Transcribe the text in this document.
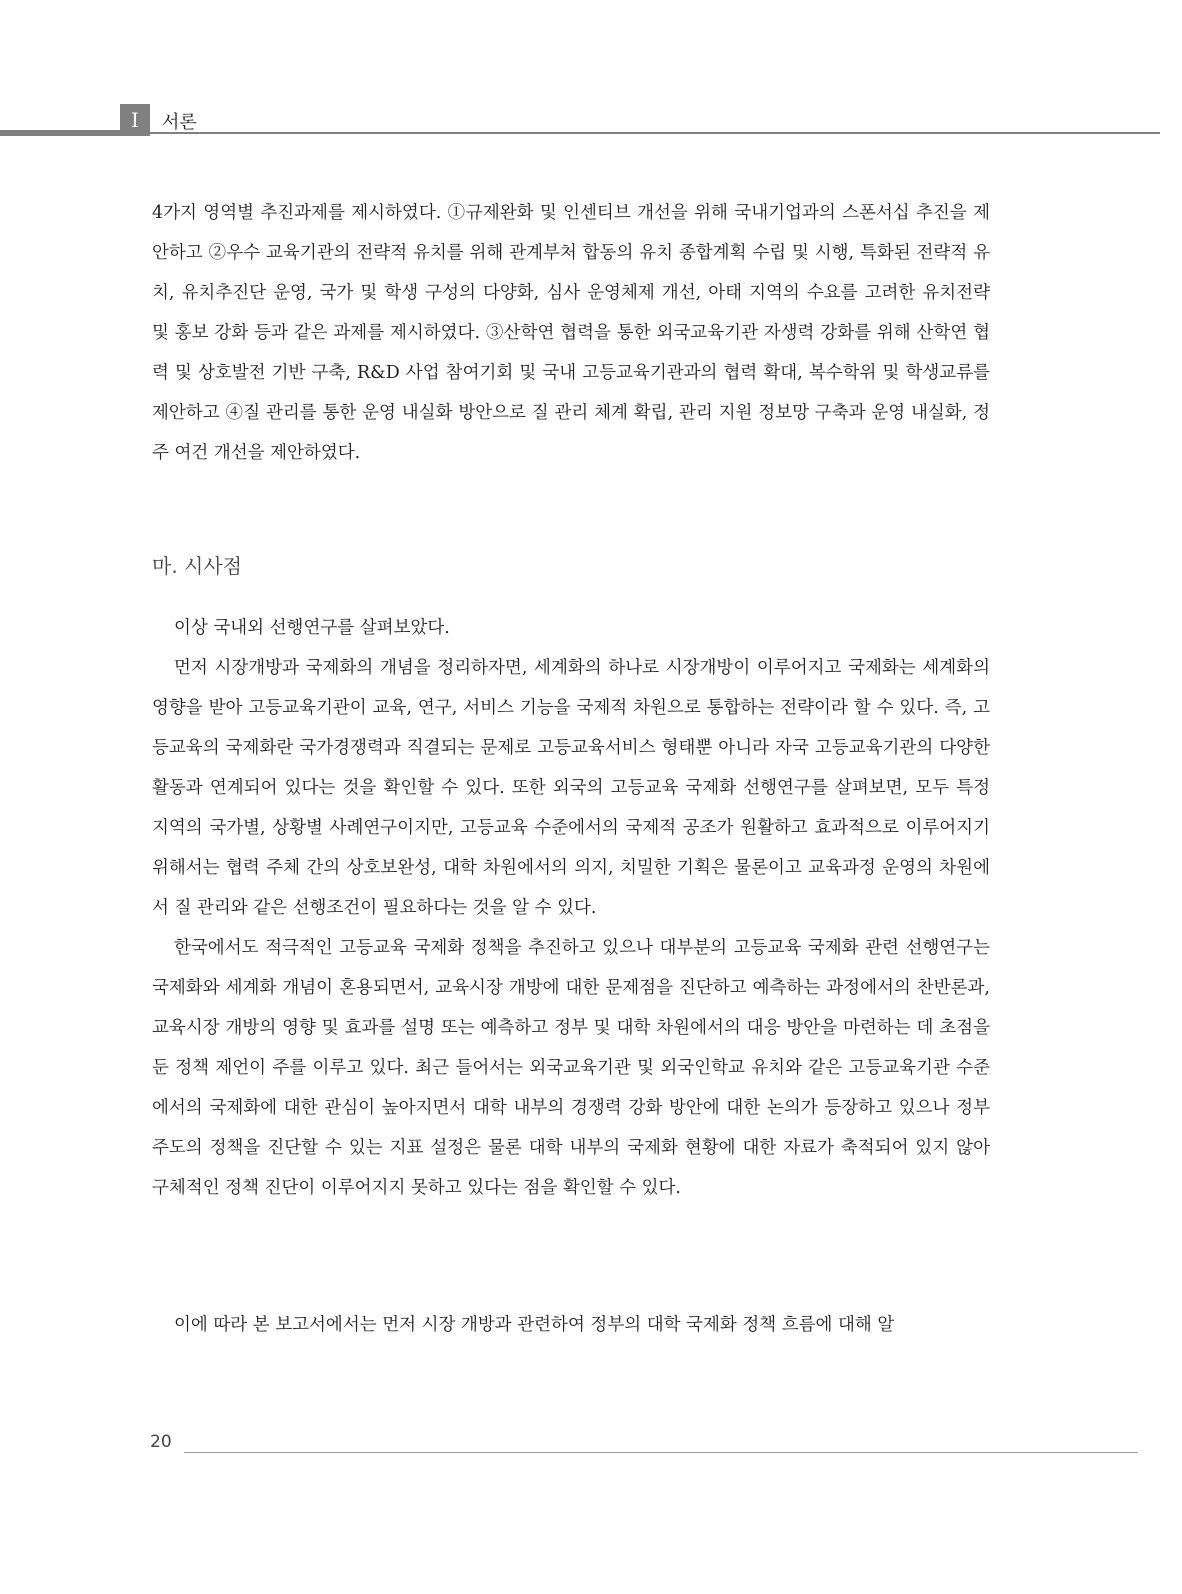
I	서론
4가지 영역별 추진과제를 제시하였다. ①규제완화 및 인센티브 개선을 위해 국내기업과의 스폰서십 추진을 제안하고 ②우수 교육기관의 전략적 유치를 위해 관계부처 합동의 유치 종합계획 수립 및 시행, 특화된 전략적 유치, 유치추진단 운영, 국가 및 학생 구성의 다양화, 심사 운영체제 개선, 아태 지역의 수요를 고려한 유치전략 및 홍보 강화 등과 같은 과제를 제시하였다. ③산학연 협력을 통한 외국교육기관 자생력 강화를 위해 산학연 협력 및 상호발전 기반 구축, R&D 사업 참여기회 및 국내 고등교육기관과의 협력 확대, 복수학위 및 학생교류를 제안하고 ④질 관리를 통한 운영 내실화 방안으로 질 관리 체계 확립, 관리 지원 정보망 구축과 운영 내실화, 정주 여건 개선을 제안하였다.
마. 시사점

이상 국내외 선행연구를 살펴보았다.

먼저 시장개방과 국제화의 개념을 정리하자면, 세계화의 하나로 시장개방이 이루어지고 국제화는 세계화의 영향을 받아 고등교육기관이 교육, 연구, 서비스 기능을 국제적 차원으로 통합하는 전략이라 할 수 있다. 즉, 고등교육의 국제화란 국가경쟁력과 직결되는 문제로 고등교육서비스 형태뿐 아니라 자국 고등교육기관의 다양한 활동과 연계되어 있다는 것을 확인할 수 있다. 또한 외국의 고등교육 국제화 선행연구를 살펴보면, 모두 특정 지역의 국가별, 상황별 사례연구이지만, 고등교육 수준에서의 국제적 공조가 원활하고 효과적으로 이루어지기 위해서는 협력 주체 간의 상호보완성, 대학 차원에서의 의지, 치밀한 기획은 물론이고 교육과정 운영의 차원에서 질 관리와 같은 선행조건이 필요하다는 것을 알 수 있다.

한국에서도 적극적인 고등교육 국제화 정책을 추진하고 있으나 대부분의 고등교육 국제화 관련 선행연구는 국제화와 세계화 개념이 혼용되면서, 교육시장 개방에 대한 문제점을 진단하고 예측하는 과정에서의 찬반론과, 교육시장 개방의 영향 및 효과를 설명 또는 예측하고 정부 및 대학 차원에서의 대응 방안을 마련하는 데 초점을 둔 정책 제언이 주를 이루고 있다. 최근 들어서는 외국교육기관 및 외국인학교 유치와 같은 고등교육기관 수준에서의 국제화에 대한 관심이 높아지면서 대학 내부의 경쟁력 강화 방안에 대한 논의가 등장하고 있으나 정부 주도의 정책을 진단할 수 있는 지표 설정은 물론 대학 내부의 국제화 현황에 대한 자료가 축적되어 있지 않아 구체적인 정책 진단이 이루어지지 못하고 있다는 점을 확인할 수 있다.

이에 따라 본 보고서에서는 먼저 시장 개방과 관련하여 정부의 대학 국제화 정책 흐름에 대해 알

20
